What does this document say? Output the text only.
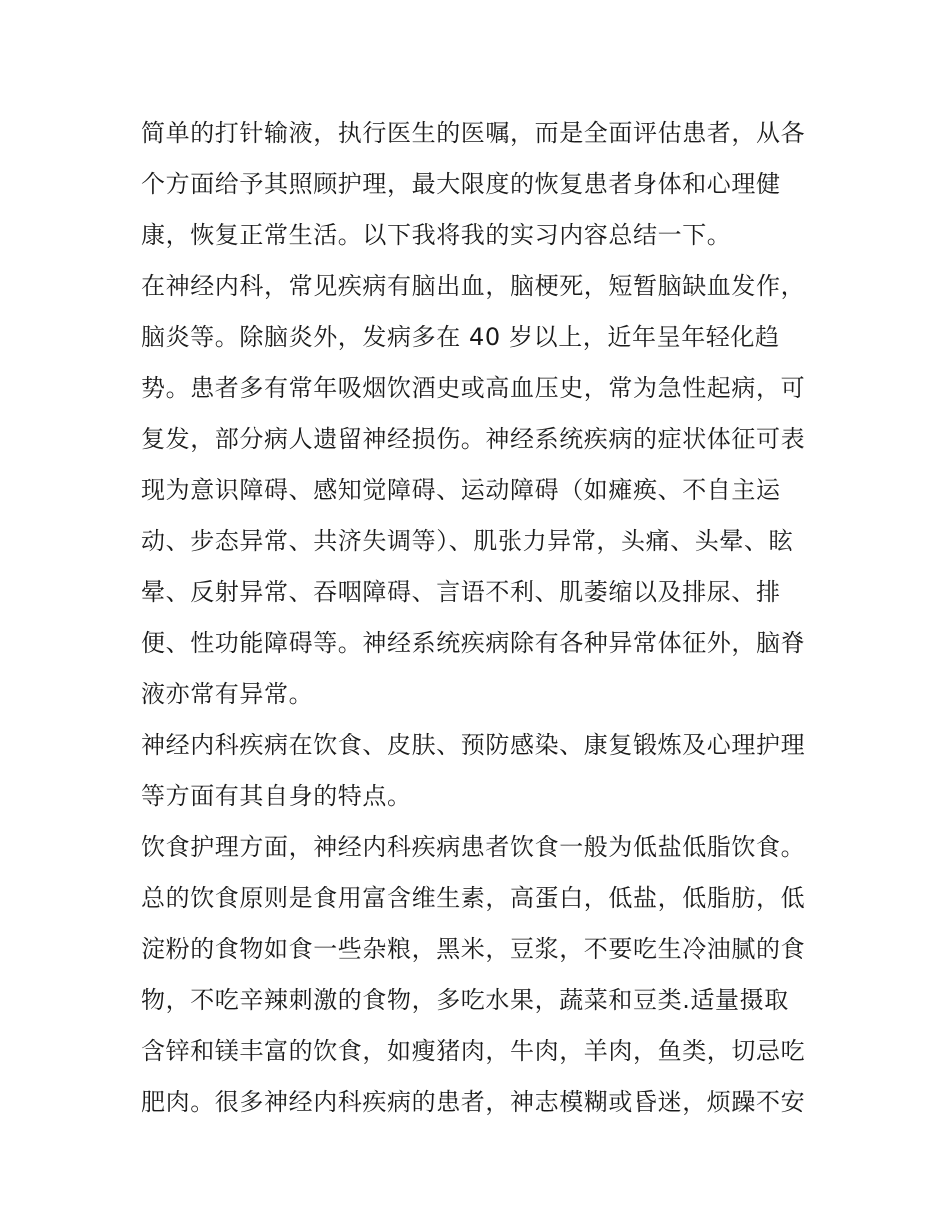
简单的打针输液，执行医生的医嘱，而是全面评估患者，从各
个方面给予其照顾护理，最大限度的恢复患者身体和心理健
康，恢复正常生活。以下我将我的实习内容总结一下。
在神经内科，常见疾病有脑出血，脑梗死，短暂脑缺血发作，
脑炎等。除脑炎外，发病多在 40 岁以上，近年呈年轻化趋
势。患者多有常年吸烟饮酒史或高血压史，常为急性起病，可
复发，部分病人遗留神经损伤。神经系统疾病的症状体征可表
现为意识障碍、感知觉障碍、运动障碍（如瘫痪、不自主运
动、步态异常、共济失调等）、肌张力异常，头痛、头晕、眩
晕、反射异常、吞咽障碍、言语不利、肌萎缩以及排尿、排
便、性功能障碍等。神经系统疾病除有各种异常体征外，脑脊
液亦常有异常。
神经内科疾病在饮食、皮肤、预防感染、康复锻炼及心理护理
等方面有其自身的特点。
饮食护理方面，神经内科疾病患者饮食一般为低盐低脂饮食。
总的饮食原则是食用富含维生素，高蛋白，低盐，低脂肪，低
淀粉的食物如食一些杂粮，黑米，豆浆，不要吃生冷油腻的食
物，不吃辛辣刺激的食物，多吃水果，蔬菜和豆类.适量摄取
含锌和镁丰富的饮食，如瘦猪肉，牛肉，羊肉，鱼类，切忌吃
肥肉。很多神经内科疾病的患者，神志模糊或昏迷，烦躁不安
